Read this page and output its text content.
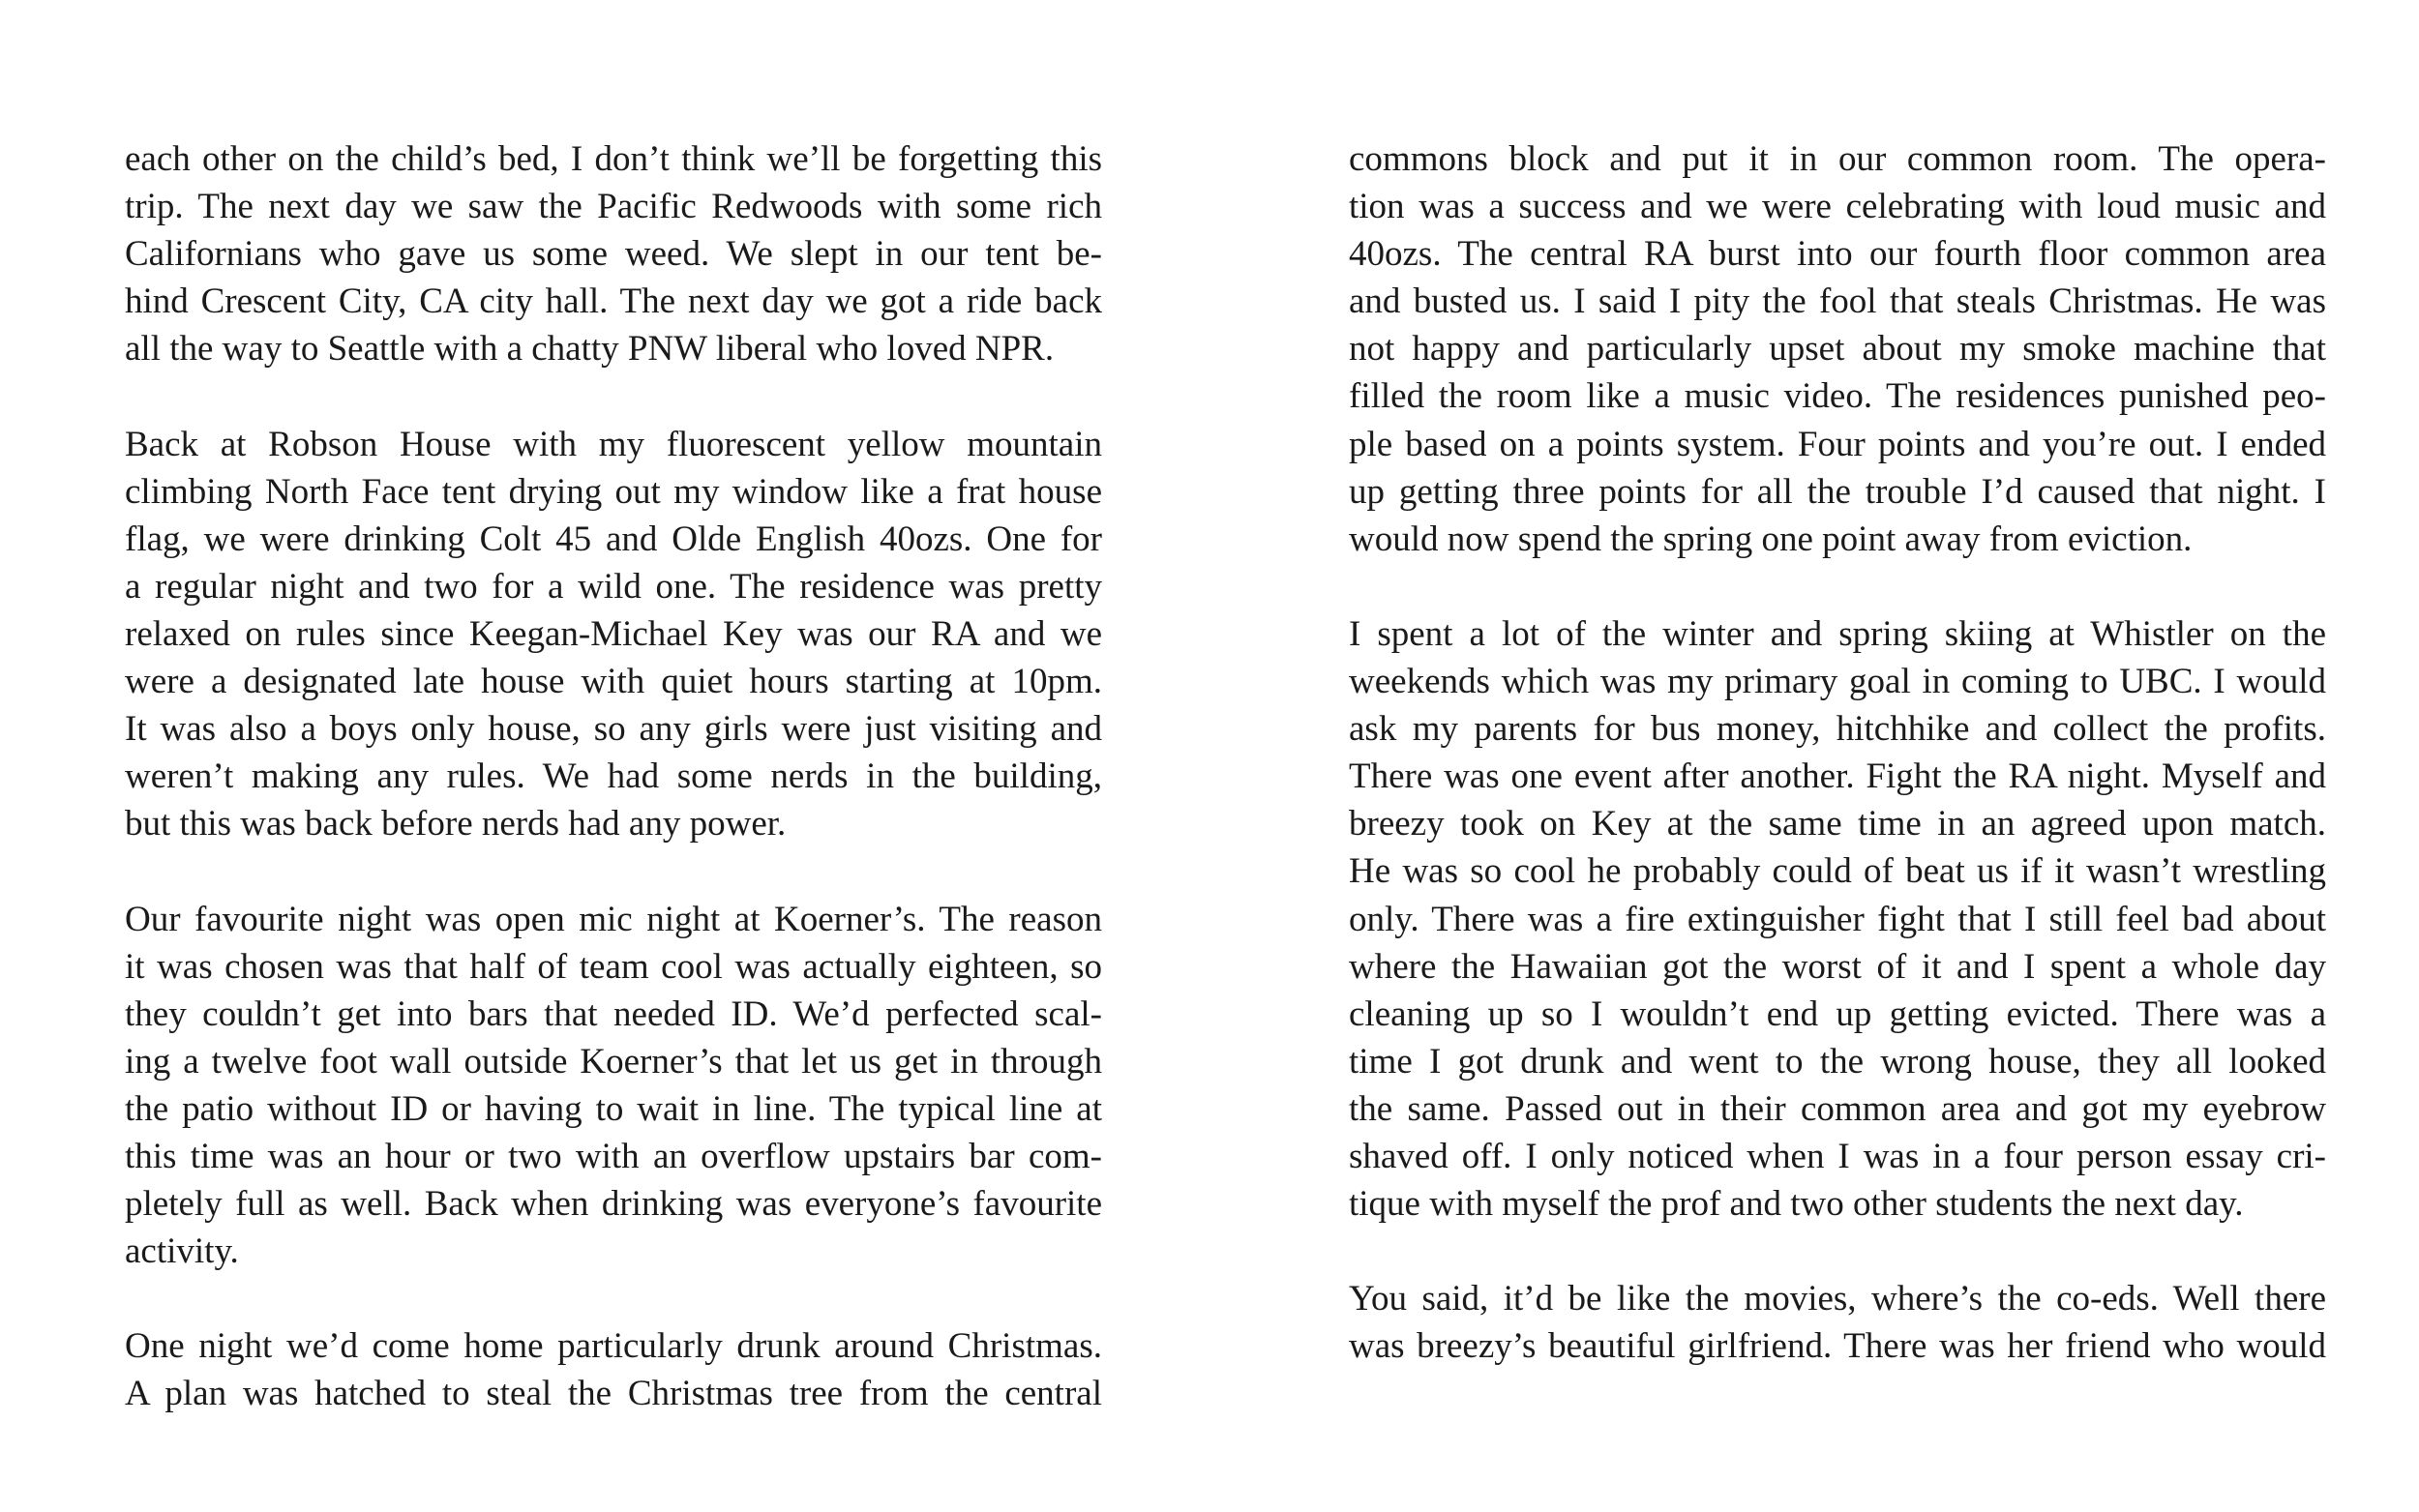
each other on the child’s bed, I don’t think we’ll be forgetting this
trip. The next day we saw the Pacific Redwoods with some rich
Californians who gave us some weed. We slept in our tent be-
hind Crescent City, CA city hall. The next day we got a ride back
all the way to Seattle with a chatty PNW liberal who loved NPR.
Back at Robson House with my fluorescent yellow mountain
climbing North Face tent drying out my window like a frat house
flag, we were drinking Colt 45 and Olde English 40ozs. One for
a regular night and two for a wild one. The residence was pretty
relaxed on rules since Keegan-Michael Key was our RA and we
were a designated late house with quiet hours starting at 10pm.
It was also a boys only house, so any girls were just visiting and
weren’t making any rules. We had some nerds in the building,
but this was back before nerds had any power.
Our favourite night was open mic night at Koerner’s. The reason
it was chosen was that half of team cool was actually eighteen, so
they couldn’t get into bars that needed ID. We’d perfected scal-
ing a twelve foot wall outside Koerner’s that let us get in through
the patio without ID or having to wait in line. The typical line at
this time was an hour or two with an overflow upstairs bar com-
pletely full as well. Back when drinking was everyone’s favourite
activity.
One night we’d come home particularly drunk around Christmas.
A plan was hatched to steal the Christmas tree from the central
commons block and put it in our common room. The opera-
tion was a success and we were celebrating with loud music and
40ozs. The central RA burst into our fourth floor common area
and busted us. I said I pity the fool that steals Christmas. He was
not happy and particularly upset about my smoke machine that
filled the room like a music video. The residences punished peo-
ple based on a points system. Four points and you’re out. I ended
up getting three points for all the trouble I’d caused that night. I
would now spend the spring one point away from eviction.
I spent a lot of the winter and spring skiing at Whistler on the
weekends which was my primary goal in coming to UBC. I would
ask my parents for bus money, hitchhike and collect the profits.
There was one event after another. Fight the RA night. Myself and
breezy took on Key at the same time in an agreed upon match.
He was so cool he probably could of beat us if it wasn’t wrestling
only. There was a fire extinguisher fight that I still feel bad about
where the Hawaiian got the worst of it and I spent a whole day
cleaning up so I wouldn’t end up getting evicted. There was a
time I got drunk and went to the wrong house, they all looked
the same. Passed out in their common area and got my eyebrow
shaved off. I only noticed when I was in a four person essay cri-
tique with myself the prof and two other students the next day.
You said, it’d be like the movies, where’s the co-eds. Well there
was breezy’s beautiful girlfriend. There was her friend who would
